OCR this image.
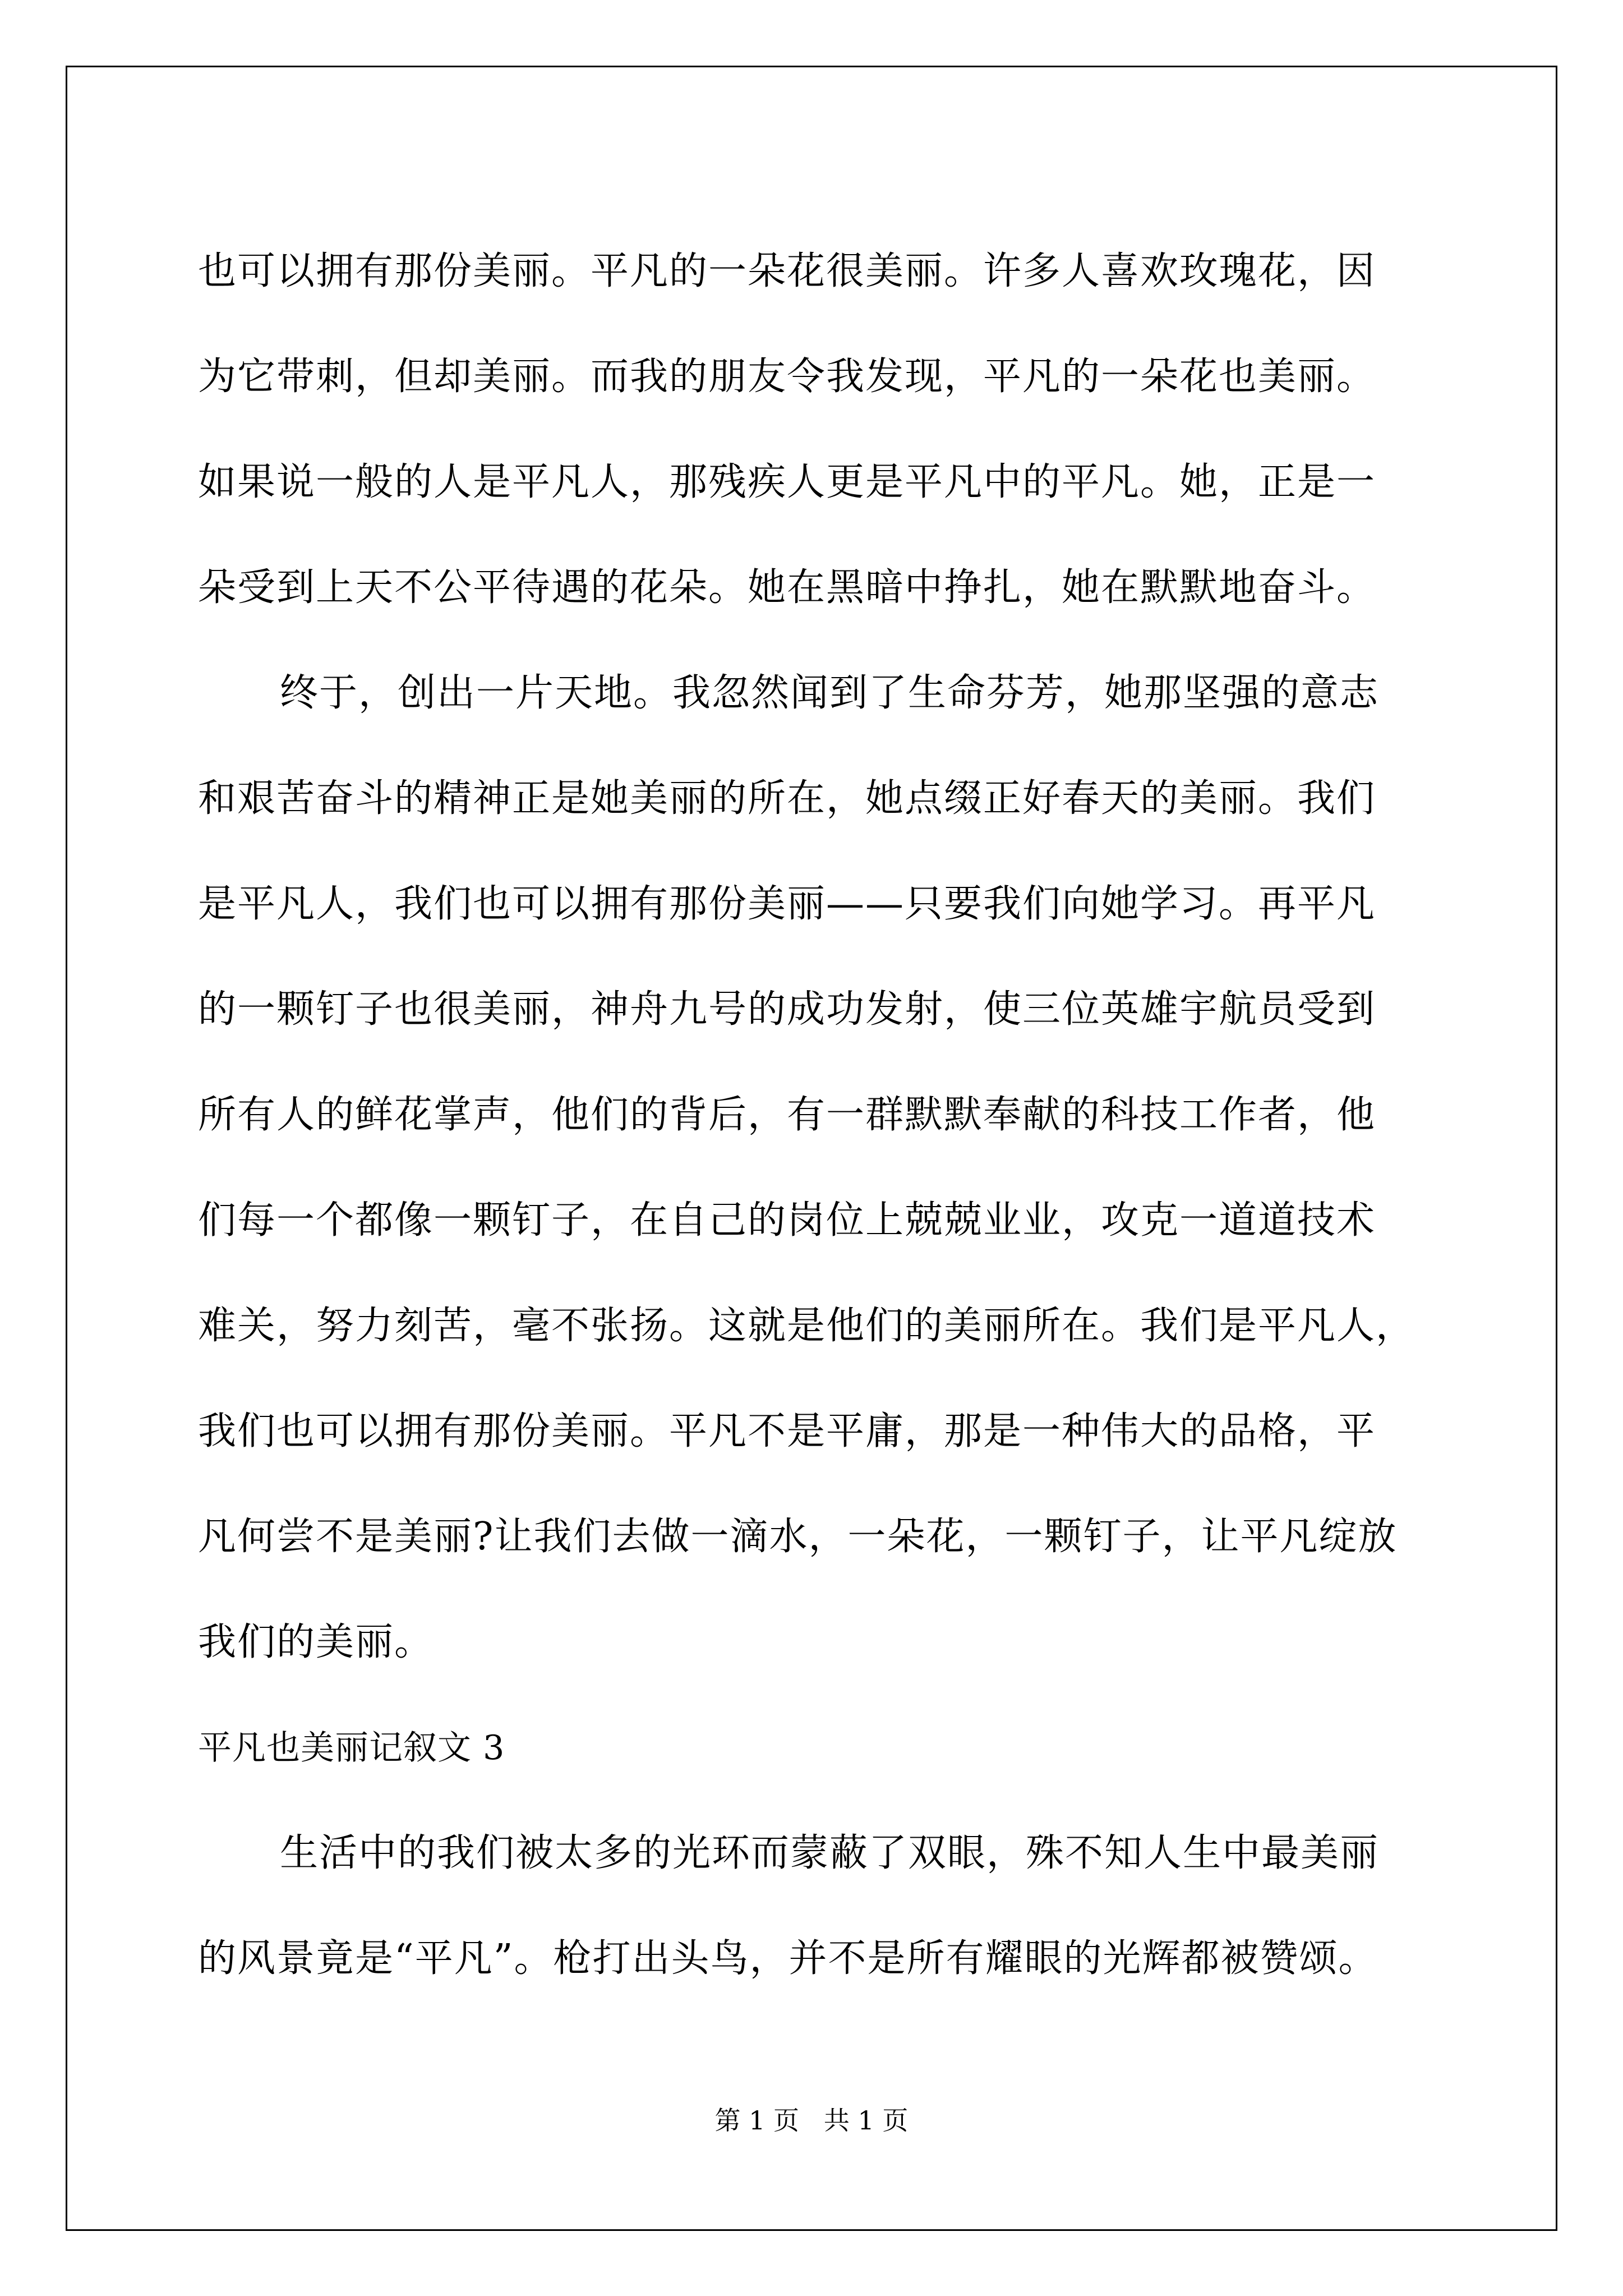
也可以拥有那份美丽。平凡的一朵花很美丽。许多人喜欢玫瑰花，因
为它带刺，但却美丽。而我的朋友令我发现，平凡的一朵花也美丽。
如果说一般的人是平凡人，那残疾人更是平凡中的平凡。她，正是一
朵受到上天不公平待遇的花朵。她在黑暗中挣扎，她在默默地奋斗。
终于，创出一片天地。我忽然闻到了生命芬芳，她那坚强的意志
和艰苦奋斗的精神正是她美丽的所在，她点缀正好春天的美丽。我们
是平凡人，我们也可以拥有那份美丽——只要我们向她学习。再平凡
的一颗钉子也很美丽，神舟九号的成功发射，使三位英雄宇航员受到
所有人的鲜花掌声，他们的背后，有一群默默奉献的科技工作者，他
们每一个都像一颗钉子，在自己的岗位上兢兢业业，攻克一道道技术
难关，努力刻苦，毫不张扬。这就是他们的美丽所在。我们是平凡人，
我们也可以拥有那份美丽。平凡不是平庸，那是一种伟大的品格，平
凡何尝不是美丽?让我们去做一滴水，一朵花，一颗钉子，让平凡绽放
我们的美丽。
平凡也美丽记叙文 3
生活中的我们被太多的光环而蒙蔽了双眼，殊不知人生中最美丽
的风景竟是“平凡”。枪打出头鸟，并不是所有耀眼的光辉都被赞颂。
第 1 页   共 1 页
